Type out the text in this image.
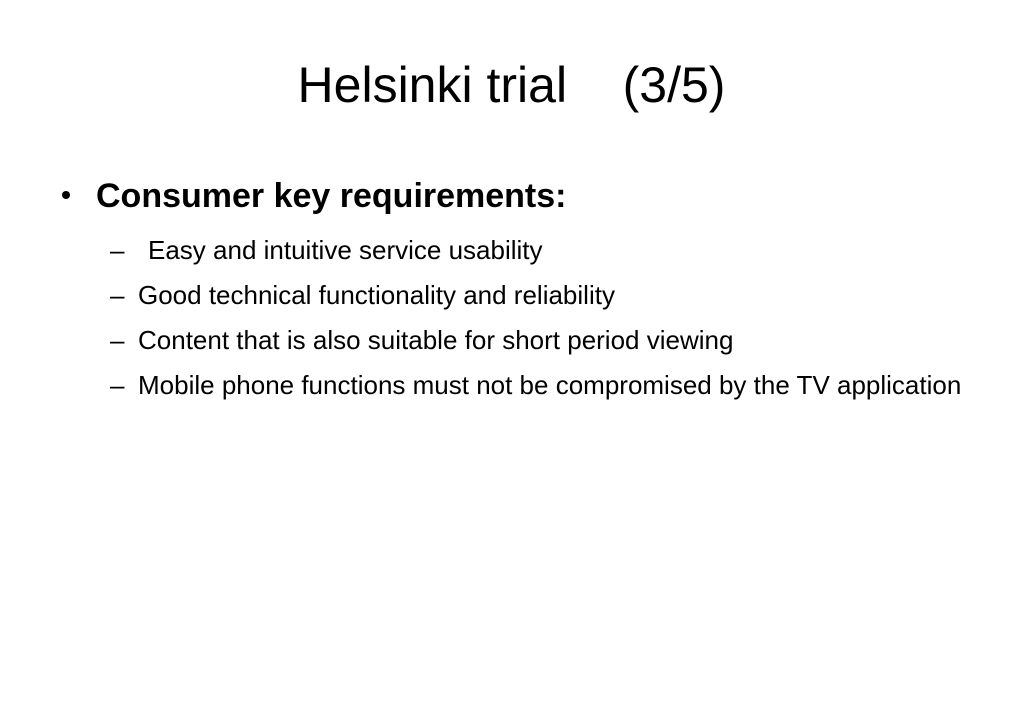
Helsinki trial    (3/5)
Consumer key requirements:
– Easy and intuitive service usability
– Good technical functionality and reliability
– Content that is also suitable for short period viewing
– Mobile phone functions must not be compromised by the TV application
